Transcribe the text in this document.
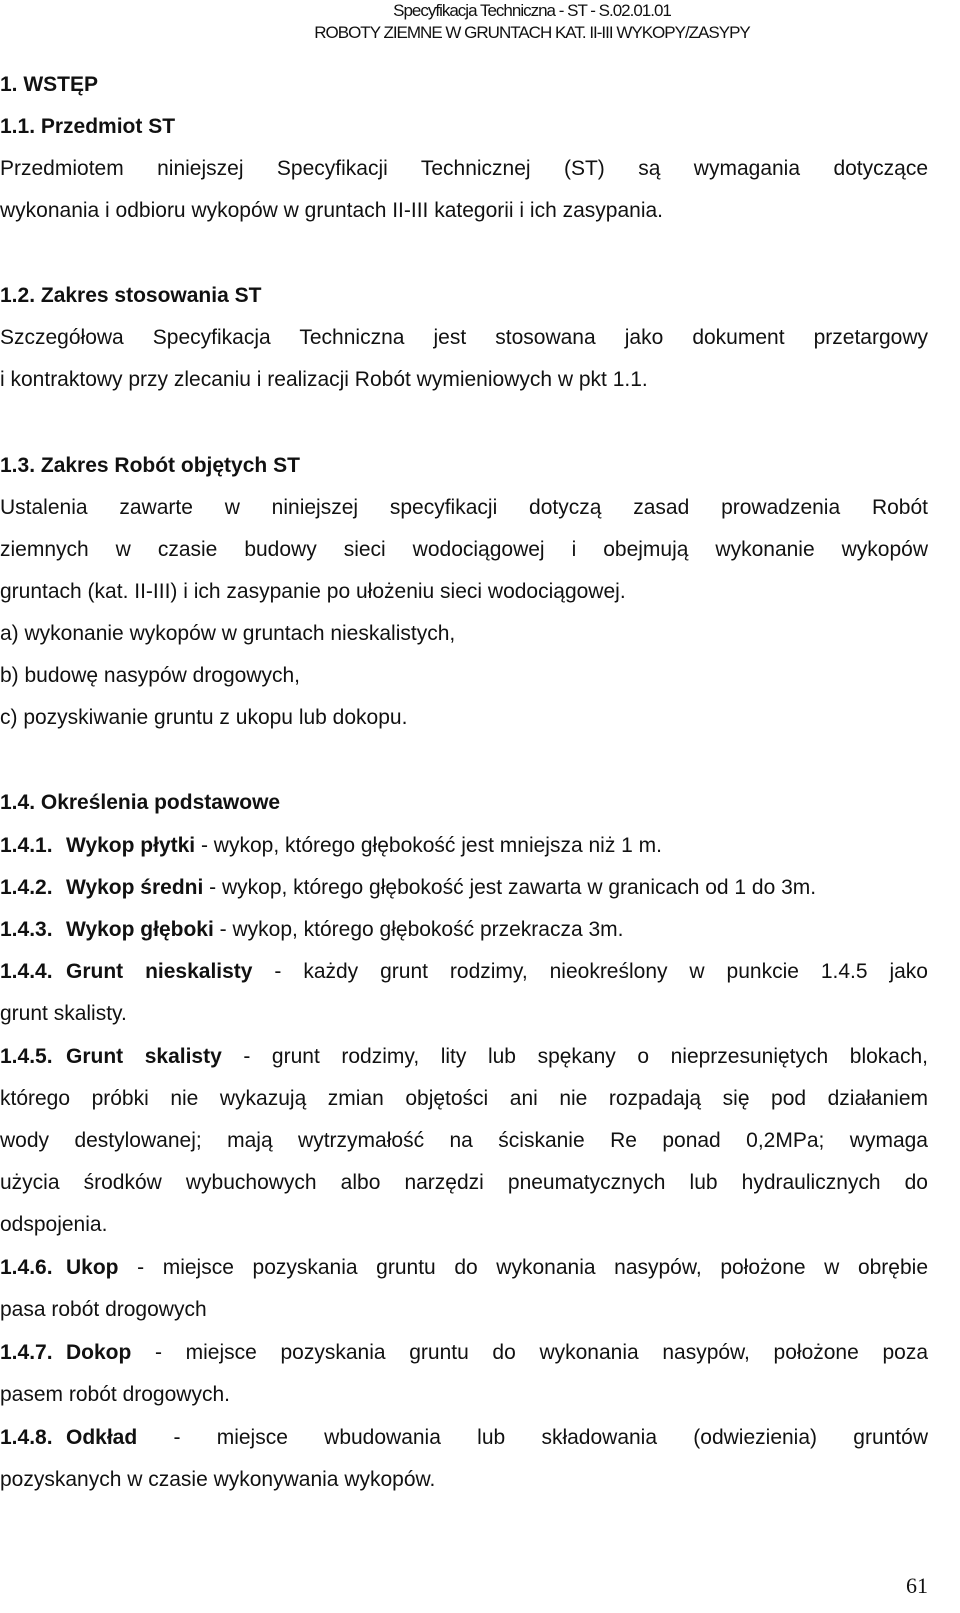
Specyfikacja Techniczna - ST - S.02.01.01
ROBOTY ZIEMNE W GRUNTACH KAT. II-III WYKOPY/ZASYPY
1. WSTĘP
1.1. Przedmiot ST
Przedmiotem niniejszej Specyfikacji Technicznej (ST) są wymagania dotyczące
wykonania i odbioru wykopów w gruntach II-III kategorii i ich zasypania.
1.2. Zakres stosowania ST
Szczegółowa Specyfikacja Techniczna jest stosowana jako dokument przetargowy
i kontraktowy przy zlecaniu i realizacji Robót wymieniowych w pkt 1.1.
1.3. Zakres Robót objętych ST
Ustalenia zawarte w niniejszej specyfikacji dotyczą zasad prowadzenia Robót
ziemnych w czasie budowy sieci wodociągowej i obejmują wykonanie wykopów
gruntach (kat. II-III) i ich zasypanie po ułożeniu sieci wodociągowej.
a) wykonanie wykopów w gruntach nieskalistych,
b) budowę nasypów drogowych,
c) pozyskiwanie gruntu z ukopu lub dokopu.
1.4. Określenia podstawowe
1.4.1. Wykop płytki - wykop, którego głębokość jest mniejsza niż 1 m.
1.4.2. Wykop średni - wykop, którego głębokość jest zawarta w granicach od 1 do 3m.
1.4.3. Wykop głęboki - wykop, którego głębokość przekracza 3m.
1.4.4. Grunt nieskalisty - każdy grunt rodzimy, nieokreślony w punkcie 1.4.5 jako
grunt skalisty.
1.4.5. Grunt skalisty - grunt rodzimy, lity lub spękany o nieprzesuniętych blokach,
którego próbki nie wykazują zmian objętości ani nie rozpadają się pod działaniem
wody destylowanej; mają wytrzymałość na ściskanie Re ponad 0,2MPa; wymaga
użycia środków wybuchowych albo narzędzi pneumatycznych lub hydraulicznych do
odspojenia.
1.4.6. Ukop - miejsce pozyskania gruntu do wykonania nasypów, położone w obrębie
pasa robót drogowych
1.4.7. Dokop - miejsce pozyskania gruntu do wykonania nasypów, położone poza
pasem robót drogowych.
1.4.8. Odkład - miejsce wbudowania lub składowania (odwiezienia) gruntów
pozyskanych w czasie wykonywania wykopów.
61
